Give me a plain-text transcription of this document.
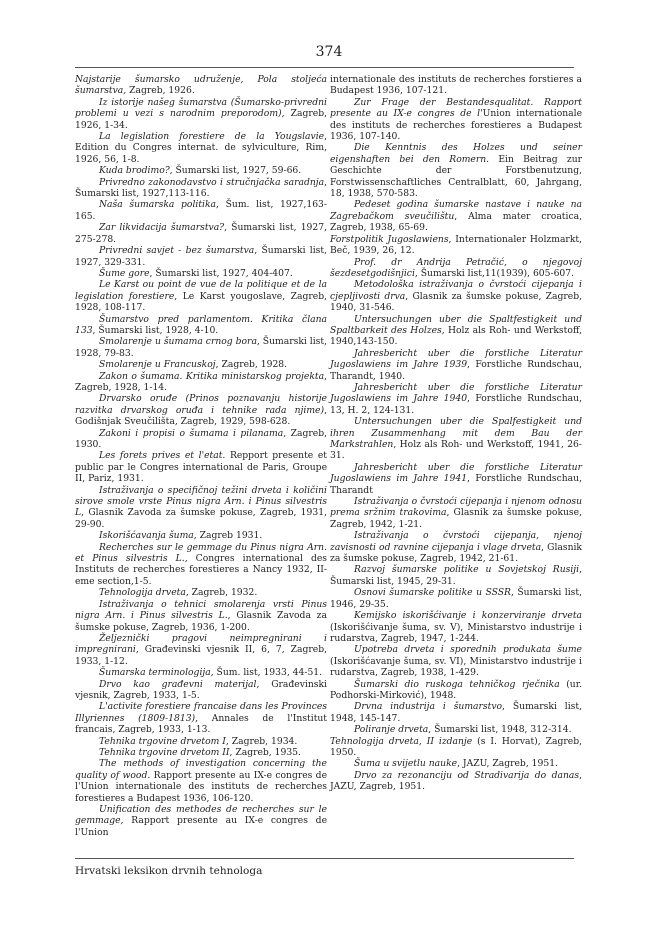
374

Najstarije šumarsko udruženje, Pola stoljeća šumarstva, Zagreb, 1926.

Iz istorije našeg šumarstva (Šumarsko-privredni problemi u vezi s narodnim preporodom), Zagreb, 1926, 1-34.

La legislation forestiere de la Yougslavie, Edition du Congres internat. de sylviculture, Rim, 1926, 56, 1-8.

Kuda brodimo?, Šumarski list, 1927, 59-66.

Privredno zakonodavstvo i stručnjačka saradnja, Šumarski list, 1927,113-116.

Naša šumarska politika, Šum. list, 1927,163-165.

Zar likvidacija šumarstva?, Šumarski list, 1927, 275-278.

Privredni savjet - bez šumarstva, Šumarski list, 1927, 329-331.

Šume gore, Šumarski list, 1927, 404-407.

Le Karst ou point de vue de la politique et de la legislation forestiere, Le Karst yougoslave, Zagreb, 1928, 108-117.

Šumarstvo pred parlamentom. Kritika člana 133, Šumarski list, 1928, 4-10.

Smolarenje u šumama crnog bora, Šumarski list, 1928, 79-83.

Smolarenje u Francuskoj, Zagreb, 1928.

Zakon o šumama. Kritika ministarskog projekta, Zagreb, 1928, 1-14.

Drvarsko oruđe (Prinos poznavanju historije razvitka drvarskog oruđa i tehnike rada njime), Godišnjak Sveučilišta, Zagreb, 1929, 598-628.

Zakoni i propisi o šumama i pilanama, Zagreb, 1930.

Les forets prives et l'etat. Repport presente et public par le Congres international de Paris, Groupe II, Pariz, 1931.

Istraživanja o specifičnoj težini drveta i količini sirove smole vrste Pinus nigra Arn. i Pinus silvestris L, Glasnik Zavoda za šumske pokuse, Zagreb, 1931, 29-90.

Iskorišćavanja šuma, Zagreb 1931.

Recherches sur le gemmage du Pinus nigra Arn. et Pinus silvestris L., Congres international des Instituts de recherches forestieres a Nancy 1932, II-eme section,1-5.

Tehnologija drveta, Zagreb, 1932.

Istraživanja o tehnici smolarenja vrsti Pinus nigra Arn. i Pinus silvestris L., Glasnik Zavoda za šumske pokuse, Zagreb, 1936, 1-200.

Željeznički pragovi neimpregnirani i impregnirani, Građevinski vjesnik II, 6, 7, Zagreb, 1933, 1-12.

Šumarska terminologija, Šum. list, 1933, 44-51.

Drvo kao građevni materijal, Građevinski vjesnik, Zagreb, 1933, 1-5.

L'activite forestiere francaise dans les Provinces Illyriennes (1809-1813), Annales de l'Institut francais, Zagreb, 1933, 1-13.

Tehnika trgovine drvetom I, Zagreb, 1934.

Tehnika trgovine drvetom II, Zagreb, 1935.

The methods of investigation concerning the quality of wood. Rapport presente au IX-e congres de l'Union internationale des instituts de recherches forestieres a Budapest 1936, 106-120.

Unification des methodes de recherches sur le gemmage, Rapport presente au IX-e congres de l'Union

internationale des instituts de recherches forstieres a Budapest 1936, 107-121.

Zur Frage der Bestandesqualitat. Rapport presente au IX-e congres de l'Union internationale des instituts de recherches forestieres a Budapest 1936, 107-140.

Die Kenntnis des Holzes und seiner eigenshaften bei den Romern. Ein Beitrag zur Geschichte der Forstbenutzung, Forstwissenschaftliches Centralblatt, 60, Jahrgang, 18, 1938, 570-583.

Pedeset godina šumarske nastave i nauke na Zagrebačkom sveučilištu, Alma mater croatica, Zagreb, 1938, 65-69.

Forstpolitik Jugoslawiens, Internationaler Holzmarkt, Beč, 1939, 26, 12.

Prof. dr Andrija Petračić, o njegovoj šezdesetgodišnjici, Šumarski list,11(1939), 605-607.

Metodološka istraživanja o čvrstoći cijepanja i cjepljivosti drva, Glasnik za šumske pokuse, Zagreb, 1940, 31-546.

Untersuchungen uber die Spaltfestigkeit und Spaltbarkeit des Holzes, Holz als Roh- und Werkstoff, 1940,143-150.

Jahresbericht uber die forstliche Literatur Jugoslawiens im Jahre 1939, Forstliche Rundschau, Tharandt, 1940.

Jahresbericht uber die forstliche Literatur Jugoslawiens im Jahre 1940, Forstliche Rundschau, 13, H. 2, 124-131.

Untersuchungen uber die Spalfestigkeit und ihren Zusammenhang mit dem Bau der Markstrahlen, Holz als Roh- und Werkstoff, 1941, 26-31.

Jahresbericht uber die forstliche Literatur Jugoslawiens im Jahre 1941, Forstliche Rundschau, Tharandt

Istraživanja o čvrstoći cijepanja i njenom odnosu prema sržnim trakovima, Glasnik za šumske pokuse, Zagreb, 1942, 1-21.

Istraživanja o čvrstoći cijepanja, njenoj zavisnosti od ravnine cijepanja i vlage drveta, Glasnik za šumske pokuse, Zagreb, 1942, 21-61.

Razvoj šumarske politike u Sovjetskoj Rusiji, Šumarski list, 1945, 29-31.

Osnovi šumarske politike u SSSR, Šumarski list, 1946, 29-35.

Kemijsko iskorišćivanje i konzerviranje drveta (Iskorišćivanje šuma, sv. V), Ministarstvo industrije i rudarstva, Zagreb, 1947, 1-244.

Upotreba drveta i sporednih produkata šume (Iskorišćavanje šuma, sv. VI), Ministarstvo industrije i rudarstva, Zagreb, 1938, 1-429.

Šumarski dio ruskoga tehničkog rječnika (ur. Podhorski-Mirković), 1948.

Drvna industrija i šumarstvo, Šumarski list, 1948, 145-147.

Poliranje drveta, Šumarski list, 1948, 312-314.

Tehnologija drveta, II izdanje (s I. Horvat), Zagreb, 1950.

Šuma u svijetlu nauke, JAZU, Zagreb, 1951.

Drvo za rezonanciju od Stradivarija do danas, JAZU, Zagreb, 1951.

Hrvatski leksikon drvnih tehnologa
